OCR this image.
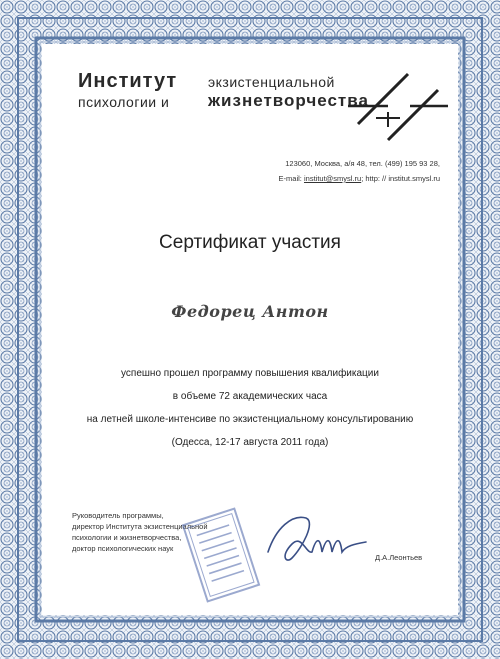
Институт экзистенциальной
психологии и жизнетворчества
123060, Москва, а/я 48, тел. (499) 195 93 28,
E-mail: institut@smysl.ru; http: // institut.smysl.ru
Сертификат участия
Федорец Антон
успешно прошел программу повышения квалификации
в объеме 72 академических часа
на летней школе-интенсиве по экзистенциальному консультированию
(Одесса, 12-17 августа 2011 года)
Руководитель программы,
директор Института экзистенциальной
психологии и жизнетворчества,
доктор психологических наук
Д.А.Леонтьев
